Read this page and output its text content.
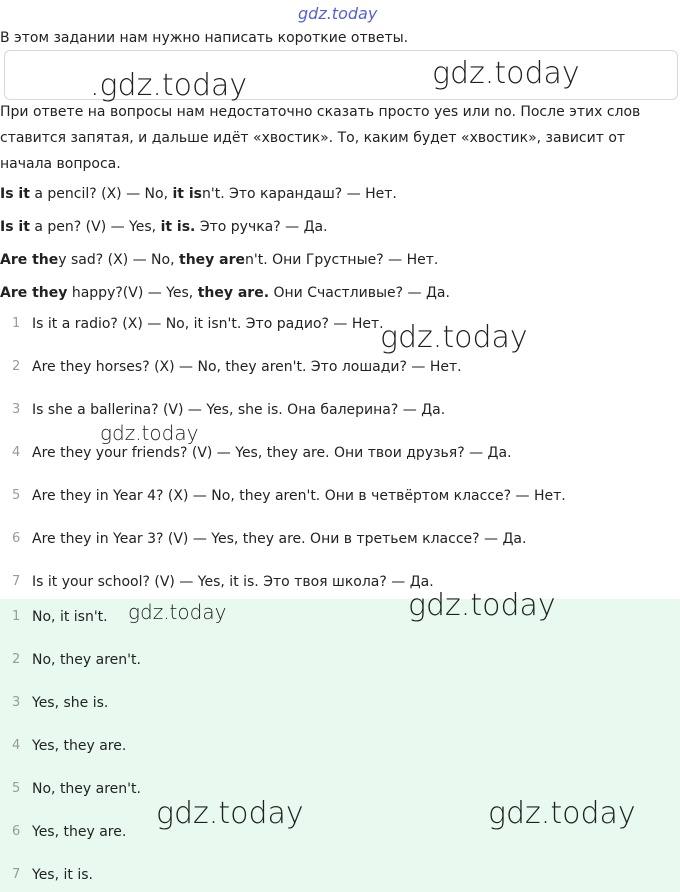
gdz.today
В этом задании нам нужно написать короткие ответы.
При ответе на вопросы нам недостаточно сказать просто yes или no. После этих слов ставится запятая, и дальше идёт «хвостик». То, каким будет «хвостик», зависит от начала вопроса.
Is it a pencil? (X) — No, it isn't. Это карандаш? — Нет.
Is it a pen? (V) — Yes, it is. Это ручка? — Да.
Are they sad? (X) — No, they aren't. Они Грустные? — Нет.
Are they happy?(V) — Yes, they are. Они Счастливые? — Да.
1 Is it a radio? (X) — No, it isn't. Это радио? — Нет.
2 Are they horses? (X) — No, they aren't. Это лошади? — Нет.
3 Is she a ballerina? (V) — Yes, she is. Она балерина? — Да.
4 Are they your friends? (V) — Yes, they are. Они твои друзья? — Да.
5 Are they in Year 4? (X) — No, they aren't. Они в четвёртом классе? — Нет.
6 Are they in Year 3? (V) — Yes, they are. Они в третьем классе? — Да.
7 Is it your school? (V) — Yes, it is. Это твоя школа? — Да.
1 No, it isn't.
2 No, they aren't.
3 Yes, she is.
4 Yes, they are.
5 No, they aren't.
6 Yes, they are.
7 Yes, it is.
.gdz.today	gdz.today
gdz.today
gdz.today
gdz.today	gdz.today
gdz.today	gdz.today
